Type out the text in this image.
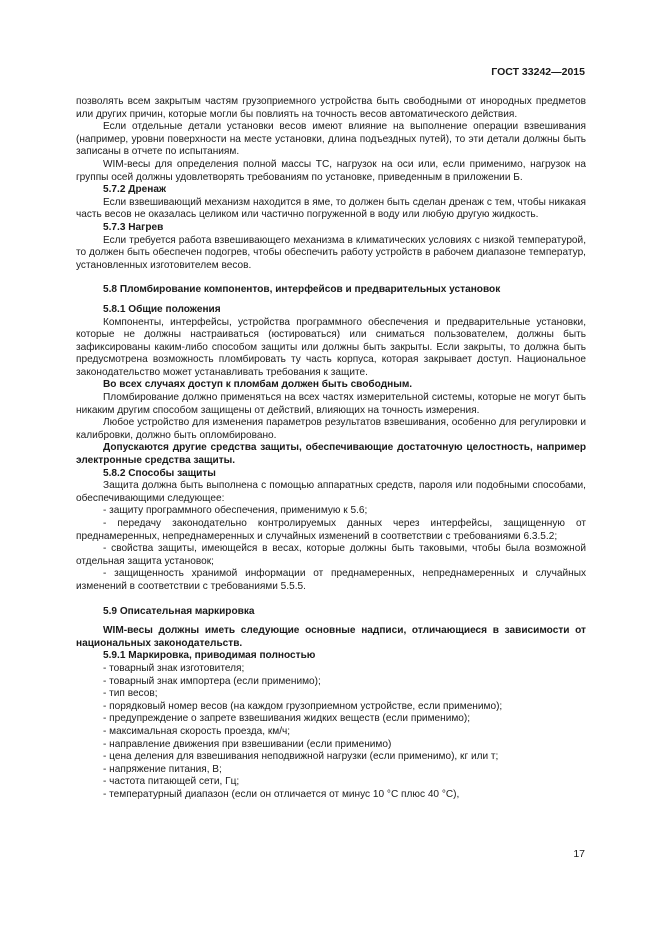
ГОСТ 33242—2015

позволять всем закрытым частям грузоприемного устройства быть свободными от инородных предметов или других причин, которые могли бы повлиять на точность весов автоматического действия.

Если отдельные детали установки весов имеют влияние на выполнение операции взвешивания (например, уровни поверхности на месте установки, длина подъездных путей), то эти детали должны быть записаны в отчете по испытаниям.

WIM-весы для определения полной массы ТС, нагрузок на оси или, если применимо, нагрузок на группы осей должны удовлетворять требованиям по установке, приведенным в приложении Б.

5.7.2 Дренаж

Если взвешивающий механизм находится в яме, то должен быть сделан дренаж с тем, чтобы никакая часть весов не оказалась целиком или частично погруженной в воду или любую другую жидкость.

5.7.3 Нагрев

Если требуется работа взвешивающего механизма в климатических условиях с низкой температурой, то должен быть обеспечен подогрев, чтобы обеспечить работу устройств в рабочем диапазоне температур, установленных изготовителем весов.

5.8 Пломбирование компонентов, интерфейсов и предварительных установок

5.8.1 Общие положения

Компоненты, интерфейсы, устройства программного обеспечения и предварительные установки, которые не должны настраиваться (юстироваться) или сниматься пользователем, должны быть зафиксированы каким-либо способом защиты или должны быть закрыты. Если закрыты, то должна быть предусмотрена возможность пломбировать ту часть корпуса, которая закрывает доступ. Национальное законодательство может устанавливать требования к защите.

Во всех случаях доступ к пломбам должен быть свободным.

Пломбирование должно применяться на всех частях измерительной системы, которые не могут быть никаким другим способом защищены от действий, влияющих на точность измерения.

Любое устройство для изменения параметров результатов взвешивания, особенно для регулировки и калибровки, должно быть опломбировано.

Допускаются другие средства защиты, обеспечивающие достаточную целостность, например электронные средства защиты.

5.8.2 Способы защиты

Защита должна быть выполнена с помощью аппаратных средств, пароля или подобными способами, обеспечивающими следующее:

- защиту программного обеспечения, применимую к 5.6;

- передачу законодательно контролируемых данных через интерфейсы, защищенную от преднамеренных, непреднамеренных и случайных изменений в соответствии с требованиями 6.3.5.2;

- свойства защиты, имеющейся в весах, которые должны быть таковыми, чтобы была возможной отдельная защита установок;

- защищенность хранимой информации от преднамеренных, непреднамеренных и случайных изменений в соответствии с требованиями 5.5.5.

5.9 Описательная маркировка

WIM-весы должны иметь следующие основные надписи, отличающиеся в зависимости от национальных законодательств.

5.9.1 Маркировка, приводимая полностью

- товарный знак изготовителя;

- товарный знак импортера (если применимо);

- тип весов;

- порядковый номер весов (на каждом грузоприемном устройстве, если применимо);

- предупреждение о запрете взвешивания жидких веществ (если применимо);

- максимальная скорость проезда, км/ч;

- направление движения при взвешивании (если применимо)

- цена деления для взвешивания неподвижной нагрузки (если применимо), кг или т;

- напряжение питания, В;

- частота питающей сети, Гц;

- температурный диапазон (если он отличается от минус 10 °С плюс 40 °С),

17
